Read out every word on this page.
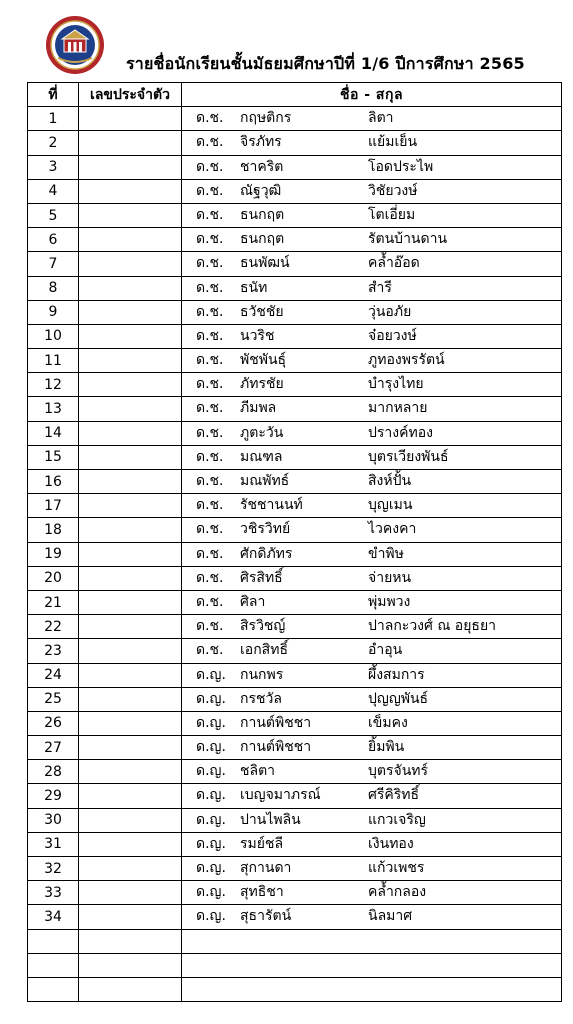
รายชื่อนักเรียนชั้นมัธยมศึกษาปีที่ 1/6 ปีการศึกษา 2565
ที่	เลขประจำตัว	ชื่อ - สกุล
1		ด.ช. กฤษติกร ลิตา

2		ด.ช. จิรภัทร แย้มเย็น

3		ด.ช. ชาคริต โอดประไพ

4		ด.ช. ณัฐวุฒิ วิชัยวงษ์

5		ด.ช. ธนกฤต โตเอี่ยม

6		ด.ช. ธนกฤต รัตนบ้านดาน

7		ด.ช. ธนพัฒน์ คล้ำอ๊อด

8		ด.ช. ธนัท สำรี

9		ด.ช. ธวัชชัย วุ่นอภัย

10		ด.ช. นวริช จ๋อยวงษ์

11		ด.ช. พัชพันธุ์ ภูทองพรรัตน์

12		ด.ช. ภัทรชัย บำรุงไทย

13		ด.ช. ภีมพล มากหลาย

14		ด.ช. ภูตะวัน ปรางค์ทอง

15		ด.ช. มณฑล บุตรเวียงพันธ์

16		ด.ช. มณพัทธ์ สิงห์ปั้น

17		ด.ช. รัชชานนท์ บุญเมน

18		ด.ช. วชิรวิทย์ ไวคงคา

19		ด.ช. ศักดิภัทร ขำพิษ

20		ด.ช. ศิรสิทธิ์ จ่ายหน

21		ด.ช. ศิลา พุ่มพวง

22		ด.ช. สิรวิชญ์ ปาลกะวงศ์ ณ อยุธยา

23		ด.ช. เอกสิทธิ์ อำอุน

24		ด.ญ. กนกพร ผึ้งสมการ

25		ด.ญ. กรชวัล ปุญญพันธ์

26		ด.ญ. กานต์พิชชา เข็มคง

27		ด.ญ. กานต์พิชชา ยิ้มพิน

28		ด.ญ. ชลิตา บุตรจันทร์

29		ด.ญ. เบญจมาภรณ์ ศรีคิริทธิ์

30		ด.ญ. ปานไพลิน แกวเจริญ

31		ด.ญ. รมย์ชลี เงินทอง

32		ด.ญ. สุกานดา แก้วเพชร

33		ด.ญ. สุทธิชา คล้ำกลอง

34		ด.ญ. สุธารัตน์ นิลมาศ
